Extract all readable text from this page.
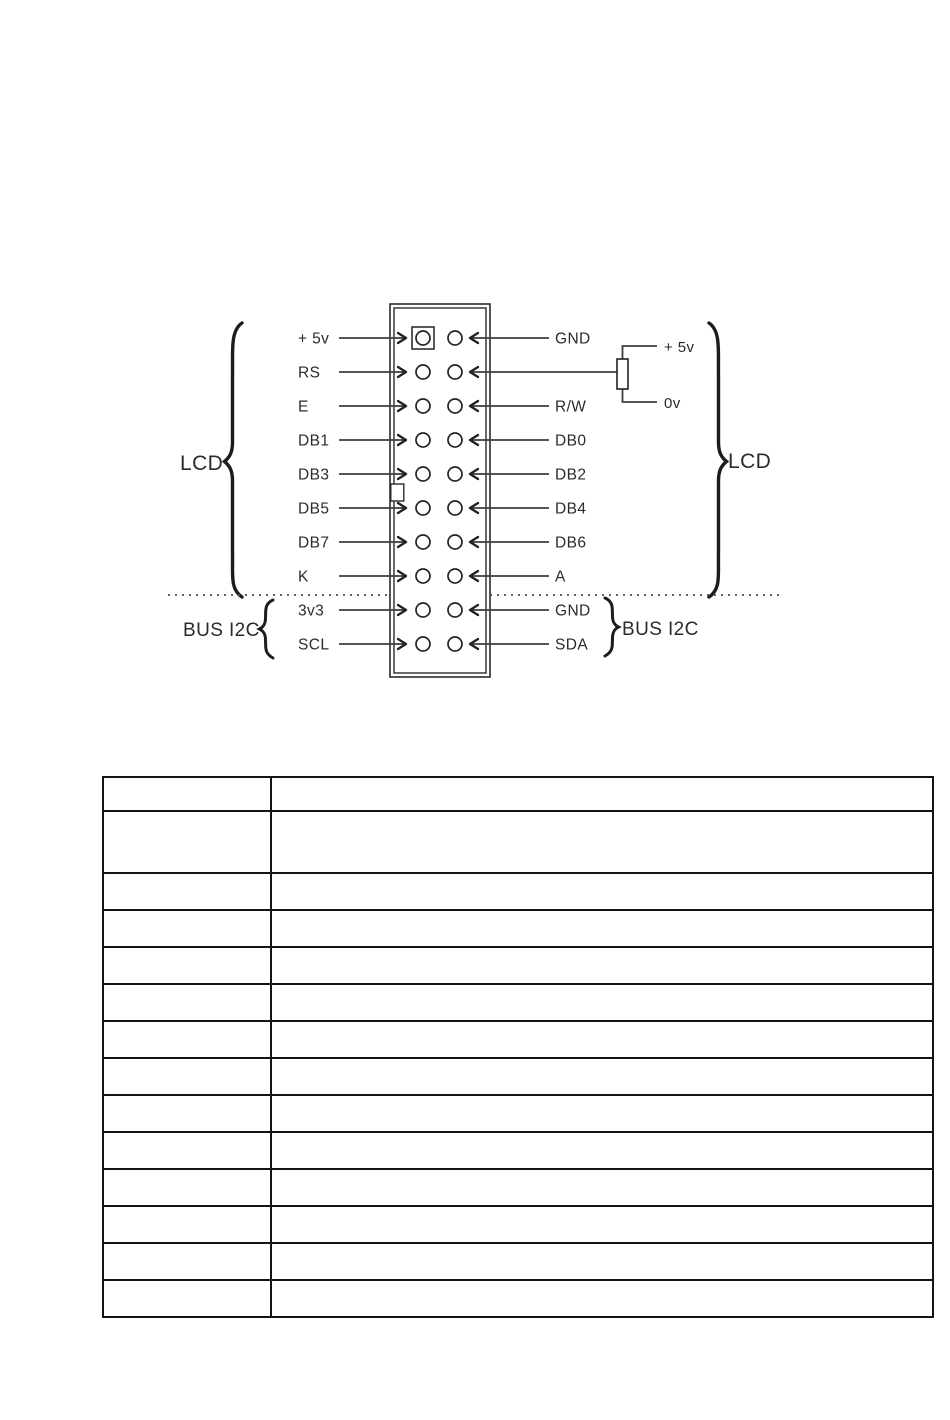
LCD	LCD
BUS I2C	BUS I2C
+ 5v	GND
RS
E	R/W
DB1	DB0
DB3	DB2
DB5	DB4
DB7	DB6
K	A
3v3	GND
SCL	SDA
+ 5v
0v
